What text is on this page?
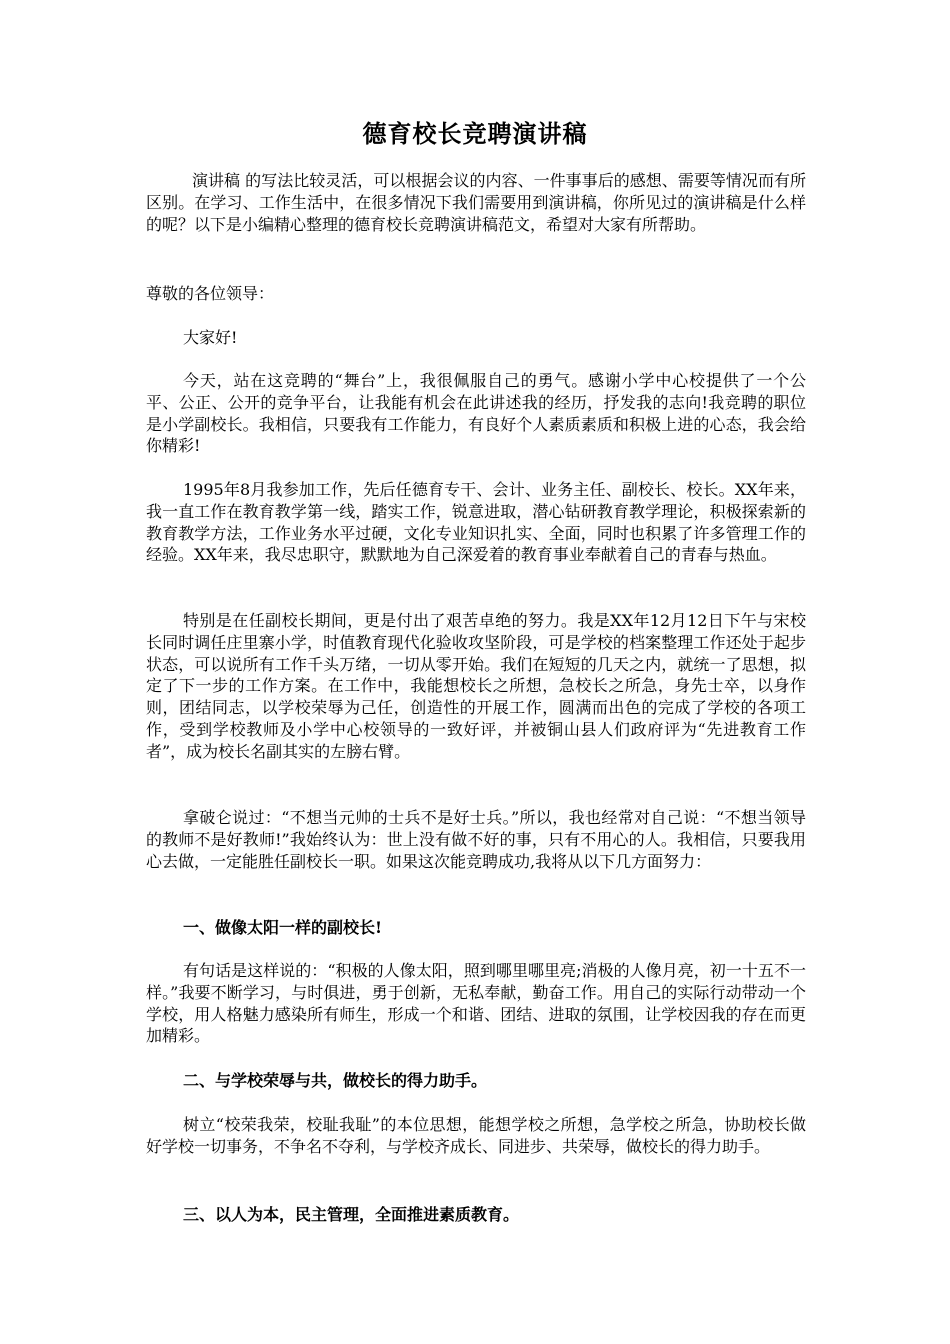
德育校长竞聘演讲稿

演讲稿 的写法比较灵活，可以根据会议的内容、一件事事后的感想、需要等情况而有所区别。在学习、工作生活中，在很多情况下我们需要用到演讲稿，你所见过的演讲稿是什么样的呢？以下是小编精心整理的德育校长竞聘演讲稿范文，希望对大家有所帮助。

尊敬的各位领导：

大家好!

今天，站在这竞聘的“舞台”上，我很佩服自己的勇气。感谢小学中心校提供了一个公平、公正、公开的竞争平台，让我能有机会在此讲述我的经历，抒发我的志向!我竞聘的职位是小学副校长。我相信，只要我有工作能力，有良好个人素质素质和积极上进的心态，我会给你精彩!

1995年8月我参加工作，先后任德育专干、会计、业务主任、副校长、校长。XX年来，我一直工作在教育教学第一线，踏实工作，锐意进取，潜心钻研教育教学理论，积极探索新的教育教学方法，工作业务水平过硬，文化专业知识扎实、全面，同时也积累了许多管理工作的经验。XX年来，我尽忠职守，默默地为自己深爱着的教育事业奉献着自己的青春与热血。

特别是在任副校长期间，更是付出了艰苦卓绝的努力。我是XX年12月12日下午与宋校长同时调任庄里寨小学，时值教育现代化验收攻坚阶段，可是学校的档案整理工作还处于起步状态，可以说所有工作千头万绪，一切从零开始。我们在短短的几天之内，就统一了思想，拟定了下一步的工作方案。在工作中，我能想校长之所想，急校长之所急，身先士卒，以身作则，团结同志，以学校荣辱为己任，创造性的开展工作，圆满而出色的完成了学校的各项工作，受到学校教师及小学中心校领导的一致好评，并被铜山县人们政府评为“先进教育工作者”，成为校长名副其实的左膀右臂。

拿破仑说过：“不想当元帅的士兵不是好士兵。”所以，我也经常对自己说：“不想当领导的教师不是好教师!”我始终认为：世上没有做不好的事，只有不用心的人。我相信，只要我用心去做，一定能胜任副校长一职。如果这次能竞聘成功,我将从以下几方面努力：

一、做像太阳一样的副校长!

有句话是这样说的：“积极的人像太阳，照到哪里哪里亮;消极的人像月亮，初一十五不一样。”我要不断学习，与时俱进，勇于创新，无私奉献，勤奋工作。用自己的实际行动带动一个学校，用人格魅力感染所有师生，形成一个和谐、团结、进取的氛围，让学校因我的存在而更加精彩。

二、与学校荣辱与共，做校长的得力助手。

树立“校荣我荣，校耻我耻”的本位思想，能想学校之所想，急学校之所急，协助校长做好学校一切事务，不争名不夺利，与学校齐成长、同进步、共荣辱，做校长的得力助手。

三、以人为本，民主管理，全面推进素质教育。
